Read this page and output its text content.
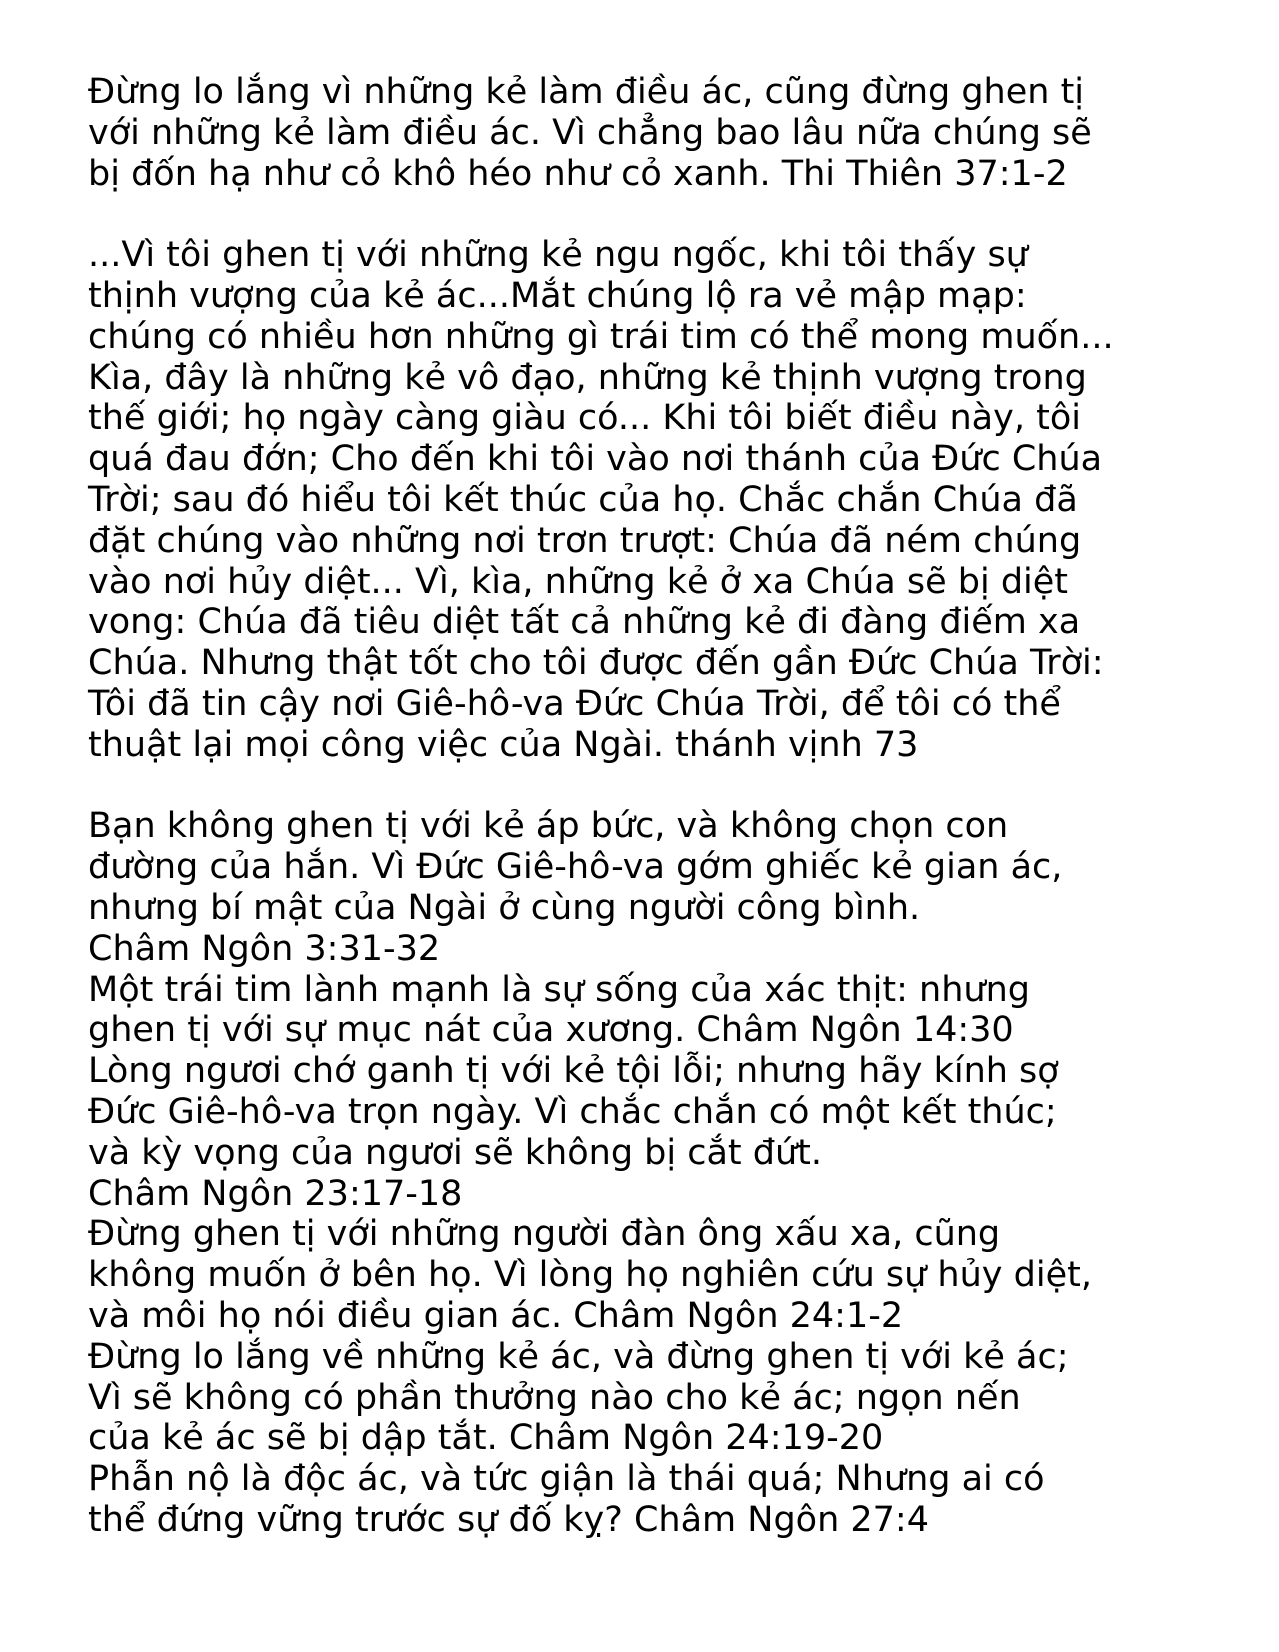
Đừng lo lắng vì những kẻ làm điều ác, cũng đừng ghen tị
với những kẻ làm điều ác. Vì chẳng bao lâu nữa chúng sẽ
bị đốn hạ như cỏ khô héo như cỏ xanh. Thi Thiên 37:1-2
...Vì tôi ghen tị với những kẻ ngu ngốc, khi tôi thấy sự
thịnh vượng của kẻ ác...Mắt chúng lộ ra vẻ mập mạp:
chúng có nhiều hơn những gì trái tim có thể mong muốn...
Kìa, đây là những kẻ vô đạo, những kẻ thịnh vượng trong
thế giới; họ ngày càng giàu có... Khi tôi biết điều này, tôi
quá đau đớn; Cho đến khi tôi vào nơi thánh của Đức Chúa
Trời; sau đó hiểu tôi kết thúc của họ. Chắc chắn Chúa đã
đặt chúng vào những nơi trơn trượt: Chúa đã ném chúng
vào nơi hủy diệt... Vì, kìa, những kẻ ở xa Chúa sẽ bị diệt
vong: Chúa đã tiêu diệt tất cả những kẻ đi đàng điếm xa
Chúa. Nhưng thật tốt cho tôi được đến gần Đức Chúa Trời:
Tôi đã tin cậy nơi Giê-hô-va Đức Chúa Trời, để tôi có thể
thuật lại mọi công việc của Ngài. thánh vịnh 73
Bạn không ghen tị với kẻ áp bức, và không chọn con
đường của hắn. Vì Đức Giê-hô-va gớm ghiếc kẻ gian ác,
nhưng bí mật của Ngài ở cùng người công bình.
Châm Ngôn 3:31-32
Một trái tim lành mạnh là sự sống của xác thịt: nhưng
ghen tị với sự mục nát của xương. Châm Ngôn 14:30
Lòng ngươi chớ ganh tị với kẻ tội lỗi; nhưng hãy kính sợ
Đức Giê-hô-va trọn ngày. Vì chắc chắn có một kết thúc;
và kỳ vọng của ngươi sẽ không bị cắt đứt.
Châm Ngôn 23:17-18
Đừng ghen tị với những người đàn ông xấu xa, cũng
không muốn ở bên họ. Vì lòng họ nghiên cứu sự hủy diệt,
và môi họ nói điều gian ác. Châm Ngôn 24:1-2
Đừng lo lắng về những kẻ ác, và đừng ghen tị với kẻ ác;
Vì sẽ không có phần thưởng nào cho kẻ ác; ngọn nến
của kẻ ác sẽ bị dập tắt. Châm Ngôn 24:19-20
Phẫn nộ là độc ác, và tức giận là thái quá; Nhưng ai có
thể đứng vững trước sự đố kỵ? Châm Ngôn 27:4
